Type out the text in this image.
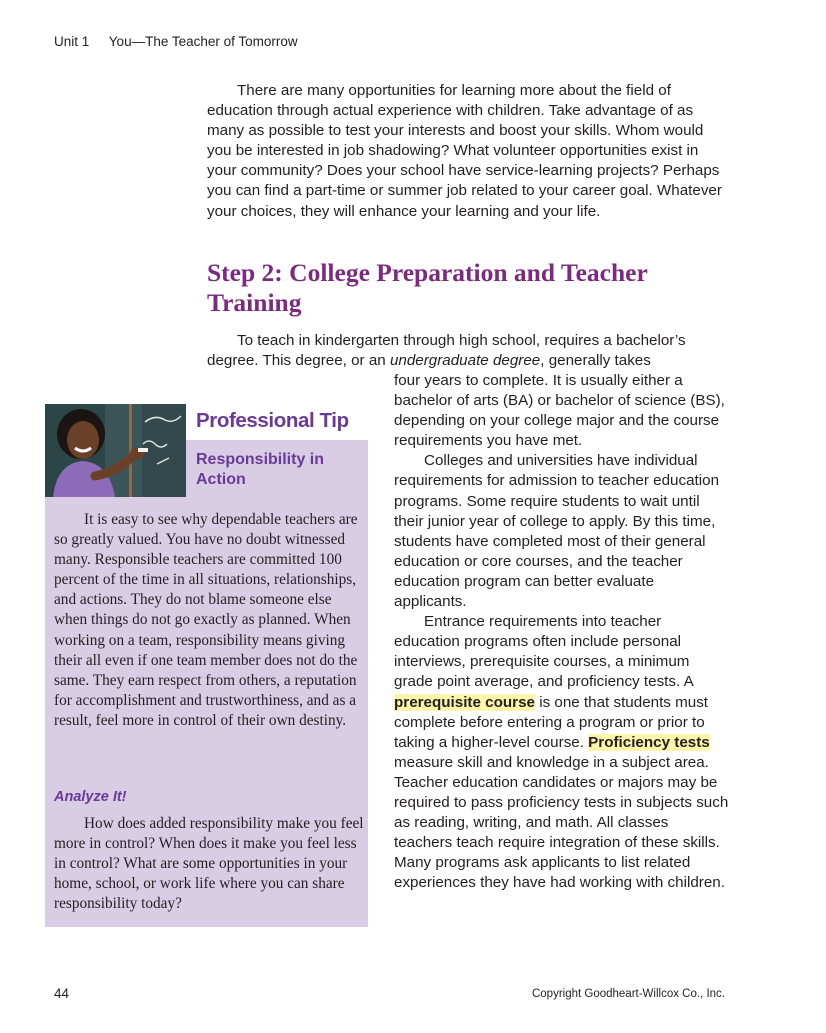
Unit 1 You—The Teacher of Tomorrow

There are many opportunities for learning more about the field of education through actual experience with children. Take advantage of as many as possible to test your interests and boost your skills. Whom would you be interested in job shadowing? What volunteer opportunities exist in your community? Does your school have service-learning projects? Perhaps you can find a part-time or summer job related to your career goal. Whatever your choices, they will enhance your learning and your life.

Step 2: College Preparation and Teacher Training

To teach in kindergarten through high school, requires a bachelor’s degree. This degree, or an undergraduate degree, generally takes

four years to complete. It is usually either a bachelor of arts (BA) or bachelor of science (BS), depending on your college major and the course requirements you have met.

Colleges and universities have individual requirements for admission to teacher education programs. Some require students to wait until their junior year of college to apply. By this time, students have completed most of their general education or core courses, and the teacher education program can better evaluate applicants.

Entrance requirements into teacher education programs often include personal interviews, prerequisite courses, a minimum grade point average, and proficiency tests. A prerequisite course is one that students must complete before entering a program or prior to taking a higher-level course. Proficiency tests measure skill and knowledge in a subject area. Teacher education candidates or majors may be required to pass proficiency tests in subjects such as reading, writing, and math. All classes teachers teach require integration of these skills. Many programs ask applicants to list related experiences they have had working with children.

Professional Tip
Responsibility in Action

It is easy to see why dependable teachers are so greatly valued. You have no doubt witnessed many. Responsible teachers are committed 100 percent of the time in all situations, relationships, and actions. They do not blame someone else when things do not go exactly as planned. When working on a team, responsibility means giving their all even if one team member does not do the same. They earn respect from others, a reputation for accomplishment and trustworthiness, and as a result, feel more in control of their own destiny.

Analyze It!

How does added responsibility make you feel more in control? When does it make you feel less in control? What are some opportunities in your home, school, or work life where you can share responsibility today?

44	Copyright Goodheart-Willcox Co., Inc.
